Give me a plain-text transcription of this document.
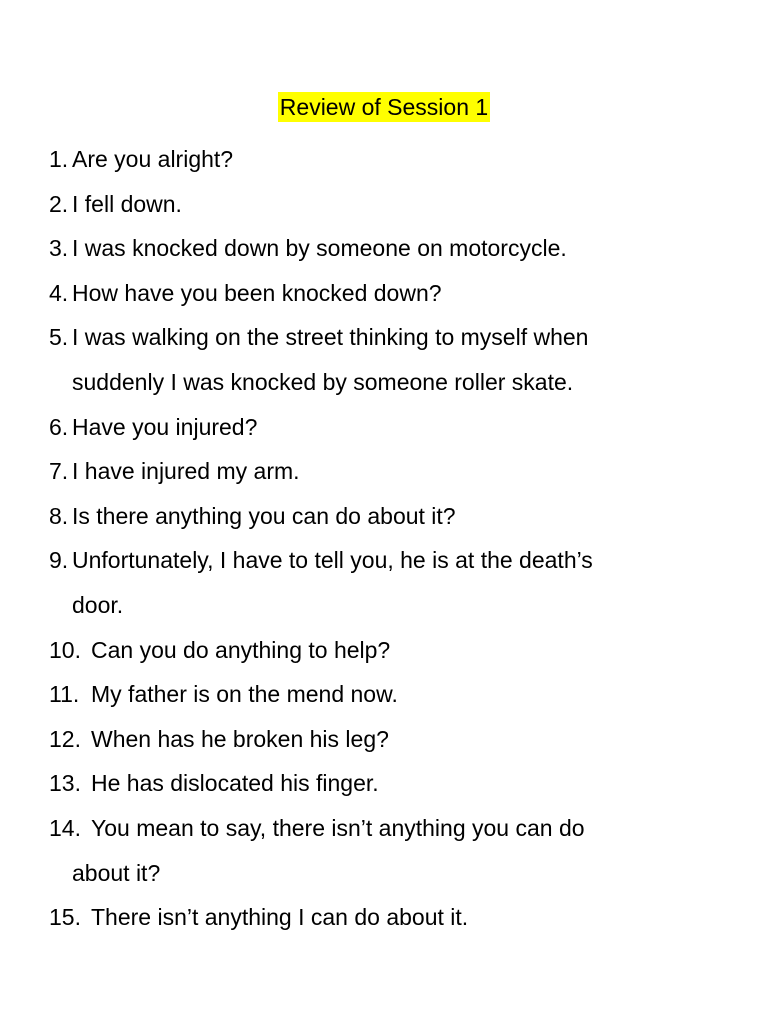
Review of Session 1
1. Are you alright?
2. I fell down.
3. I was knocked down by someone on motorcycle.
4. How have you been knocked down?
5. I was walking on the street thinking to myself when
suddenly I was knocked by someone roller skate.
6. Have you injured?
7. I have injured my arm.
8. Is there anything you can do about it?
9. Unfortunately, I have to tell you, he is at the death’s
door.
10. Can you do anything to help?
11. My father is on the mend now.
12. When has he broken his leg?
13. He has dislocated his finger.
14. You mean to say, there isn’t anything you can do
about it?
15. There isn’t anything I can do about it.
